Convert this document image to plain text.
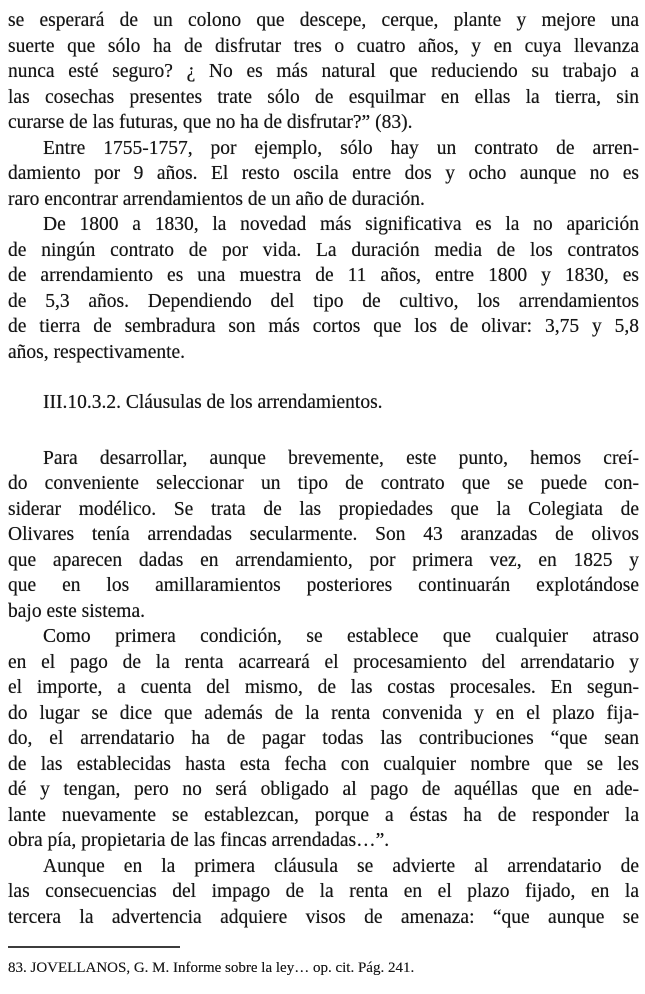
se esperará de un colono que descepe, cerque, plante y mejore una
suerte que sólo ha de disfrutar tres o cuatro años, y en cuya llevanza
nunca esté seguro? ¿ No es más natural que reduciendo su trabajo a
las cosechas presentes trate sólo de esquilmar en ellas la tierra, sin
curarse de las futuras, que no ha de disfrutar?” (83).

Entre 1755-1757, por ejemplo, sólo hay un contrato de arren-
damiento por 9 años. El resto oscila entre dos y ocho aunque no es
raro encontrar arrendamientos de un año de duración.

De 1800 a 1830, la novedad más significativa es la no aparición
de ningún contrato de por vida. La duración media de los contratos
de arrendamiento es una muestra de 11 años, entre 1800 y 1830, es
de 5,3 años. Dependiendo del tipo de cultivo, los arrendamientos
de tierra de sembradura son más cortos que los de olivar: 3,75 y 5,8
años, respectivamente.

III.10.3.2. Cláusulas de los arrendamientos.

Para desarrollar, aunque brevemente, este punto, hemos creí-
do conveniente seleccionar un tipo de contrato que se puede con-
siderar modélico. Se trata de las propiedades que la Colegiata de
Olivares tenía arrendadas secularmente. Son 43 aranzadas de olivos
que aparecen dadas en arrendamiento, por primera vez, en 1825 y
que en los amillaramientos posteriores continuarán explotándose
bajo este sistema.

Como primera condición, se establece que cualquier atraso
en el pago de la renta acarreará el procesamiento del arrendatario y
el importe, a cuenta del mismo, de las costas procesales. En segun-
do lugar se dice que además de la renta convenida y en el plazo fija-
do, el arrendatario ha de pagar todas las contribuciones “que sean
de las establecidas hasta esta fecha con cualquier nombre que se les
dé y tengan, pero no será obligado al pago de aquéllas que en ade-
lante nuevamente se establezcan, porque a éstas ha de responder la
obra pía, propietaria de las fincas arrendadas…”.

Aunque en la primera cláusula se advierte al arrendatario de
las consecuencias del impago de la renta en el plazo fijado, en la
tercera la advertencia adquiere visos de amenaza: “que aunque se

83. JOVELLANOS, G. M. Informe sobre la ley… op. cit. Pág. 241.
